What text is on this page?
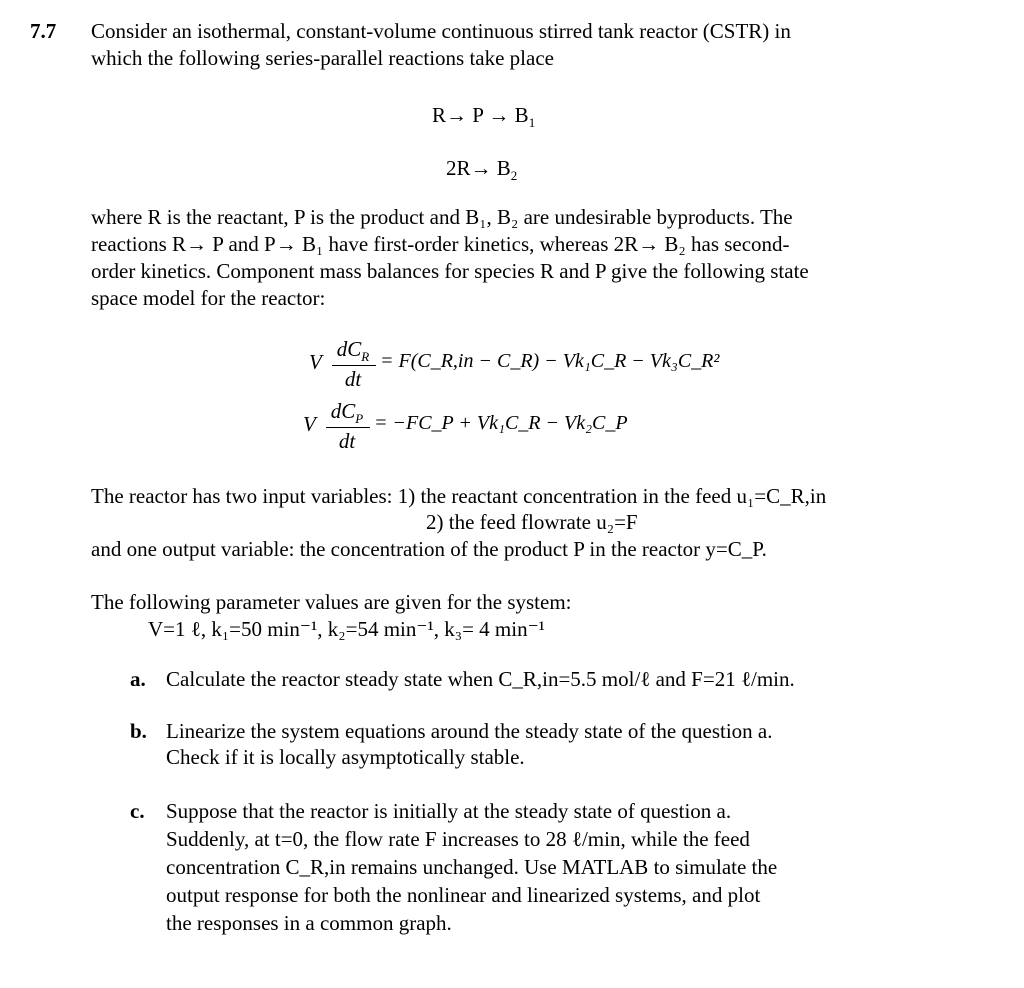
7.7 Consider an isothermal, constant-volume continuous stirred tank reactor (CSTR) in
which the following series-parallel reactions take place
$R\to P \to B_1$
$2R\to B_2$
where R is the reactant, P is the product and B₁, B₂ are undesirable byproducts. The
reactions R→ P and P→ B₁ have first-order kinetics, whereas 2R→ B₂ has second-
order kinetics. Component mass balances for species R and P give the following state
space model for the reactor:
V
$dC_R$
dt
= F(C_R,in − C_R) − Vk₁C_R − Vk₃C_R²
V
$dC_P$
dt
= −FC_P + Vk₁C_R − Vk₂C_P
The reactor has two input variables: 1) the reactant concentration in the feed u₁=C_R,in
2) the feed flowrate u₂=F
and one output variable: the concentration of the product P in the reactor y=C_P.
The following parameter values are given for the system:
V=1 ℓ, k₁=50 min⁻¹, k₂=54 min⁻¹, k₃= 4 min⁻¹
a. Calculate the reactor steady state when C_R,in=5.5 mol/ℓ and F=21 ℓ/min.
b. Linearize the system equations around the steady state of the question a.
Check if it is locally asymptotically stable.
c. Suppose that the reactor is initially at the steady state of question a.
Suddenly, at t=0, the flow rate F increases to 28 ℓ/min, while the feed
concentration C_R,in remains unchanged. Use MATLAB to simulate the
output response for both the nonlinear and linearized systems, and plot
the responses in a common graph.
